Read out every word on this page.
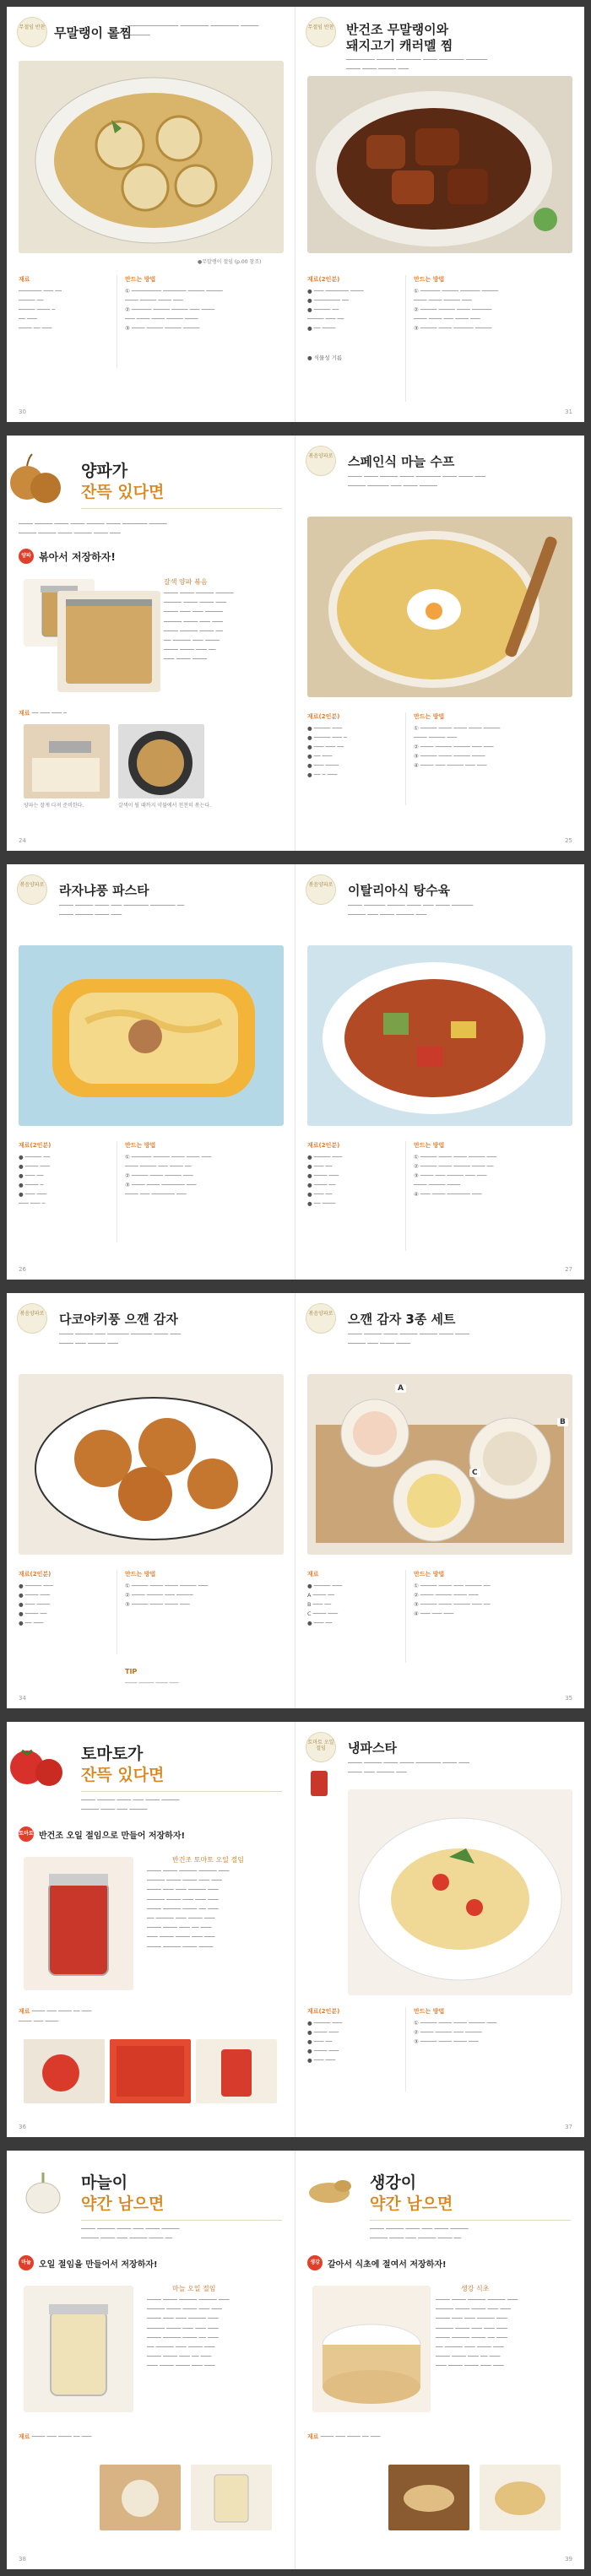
무절임 반찬 무말랭이 롤찜
─────────────── ──────── ──────── ───── ───────
●무말랭이 절임 (p.00 참조)
재료
─────── ─── ──
───── ──
───── ──── ─
── ───
──── ── ───
만드는 방법
① ───────── ─────── ───── ─────
──── ───── ──── ───
② ────── ───── ───── ─── ────
─── ──── ──── ───── ────
③ ──── ───── ───── ─────
30
무절임 반찬 반건조 무말랭이와
돼지고기 캐러멜 찜
──────── ───── ─────── ──── ─────── ──────
──── ──── ───── ───
재료(2인분)
● ─── ─────── ────
● ──────── ──
● ───── ──
───── ─── ──
● ── ────
● 식물성 기름
만드는 방법
① ────── ───── ────── ─────
──── ──── ───── ───
② ───── ───── ──── ──────
──── ──── ─── ──── ───
③ ───── ──── ────── ─────
31
양파가
잔뜩 있다면
──── ───── ──── ──── ───── ──── ─────── ─────
───── ───── ──── ───── ──── ───
양파 볶아서 저장하자!
갈색 양파 볶음
──── ──── ───── ─────
───── ──── ──── ───
──── ─── ─── ─────
───── ──── ─── ───
──── ───── ──── ──
── ───── ─── ────
──── ──── ─── ──
─── ──── ────
재료 ── ─── ─── ─
양파는 잘게 다져 준비한다.	갈색이 될 때까지 약불에서 천천히 볶는다.
24
볶음양파로 스페인식 마늘 수프
──── ──── ───── ──── ─────── ──── ──── ───
───── ────── ─── ──── ─────
재료(2인분)
● ───── ───
● ───── ─── ─
● ─── ─── ──
● ── ───
● ─── ────
● ── ─ ───
만드는 방법
① ───── ──── ──── ──── ─────
──── ───── ───
② ──── ───── ───── ─── ───
③ ───── ──── ───── ────
④ ──── ─── ───── ─── ───
25
볶음양파로 라자냐풍 파스타
──── ───── ──── ─── ─────── ─────── ──
──── ───── ──── ───
재료(2인분)
● ───── ──
● ──── ───
● ─── ──
● ──── ─
● ─── ───
─── ─── ─
만드는 방법
① ────── ───── ──── ──── ───
──── ───── ─── ──── ──
② ───── ──── ───── ───
③ ──── ──── ─────── ───
──── ─── ─────── ───
26
볶음양파로 이탈리아식 탕수육
──── ────── ───── ──── ─── ──── ──────
───── ─── ──── ───── ───
재료(2인분)
● ───── ───
● ─── ──
● ──── ───
● ──── ──
● ─── ──
● ── ────
만드는 방법
① ───── ──── ──── ───── ───
② ───── ──── ───── ──── ──
③ ──── ─── ───── ─── ───
──── ───── ────
④ ─── ──── ─────── ───
27
볶음양파로 다코야키풍 으깬 감자
──── ───── ─── ────── ────── ──── ───
──── ─── ───── ───
재료(2인분)
● ───── ───
● ──── ───
● ─── ────
● ──── ──
● ── ───
만드는 방법
① ───── ──── ──── ───── ───
② ──── ───── ─── ─────
③ ───── ──── ──── ───
TIP
──── ───── ──── ───
34
볶음양파로 으깬 감자 3종 세트
──── ───── ──── ───── ───── ──── ────
───── ─── ──── ────
A
B
C
재료
● ───── ───
A ──── ──
B ─── ──
C ──── ───
● ─── ──
만드는 방법
① ───── ──── ─── ───── ──
② ──── ───── ──── ───
③ ───── ──── ───── ─── ──
④ ─── ─── ───
35
토마토가
잔뜩 있다면
──── ───── ──── ─── ──── ─────
───── ──── ─── ─────
토마토 반건조 오일 절임으로 만들어 저장하자!
반건조 토마토 오일 절임
──── ──── ───── ───── ───
───── ──── ──── ─── ───
──── ─── ─── ───── ───
───── ──── ─── ─── ───
──── ───── ──── ── ───
── ───── ─── ──── ───
──── ──── ─── ── ───
─── ──── ──── ─── ───
──── ───── ──── ────
재료 ──── ─── ──── ── ───
──── ─── ────
36
토마토 오일 절임	냉파스타
──── ───── ──── ──── ─────── ──── ───
──── ─── ───── ───
재료(2인분)
● ───── ───
● ──── ───
● ─── ──
● ──── ───
● ─── ───
만드는 방법
① ───── ──── ──── ───── ───
② ──── ───── ─── ─────
③ ───── ──── ──── ───
37
마늘이
약간 남으면
──── ───── ──── ─── ──── ─────
───── ──── ─── ───── ──── ──
마늘 오일 절임을 만들어서 저장하자!
마늘 오일 절임
──── ──── ───── ───── ───
───── ──── ──── ─── ───
──── ─── ─── ───── ───
───── ──── ─── ─── ───
──── ───── ──── ── ───
── ───── ─── ──── ───
──── ──── ─── ── ───
─── ──── ──── ─── ───
재료 ──── ─── ──── ── ───
38
생강이
약간 남으면
──── ───── ──── ─── ──── ─────
───── ──── ─── ───── ──── ──
생강 갈아서 식초에 절여서 저장하자!
생강 식초
──── ──── ───── ───── ───
───── ──── ──── ─── ───
──── ─── ─── ───── ───
───── ──── ─── ─── ───
──── ───── ──── ── ───
── ───── ─── ──── ───
──── ──── ─── ── ───
─── ──── ──── ─── ───
재료 ──── ─── ──── ── ───
39
